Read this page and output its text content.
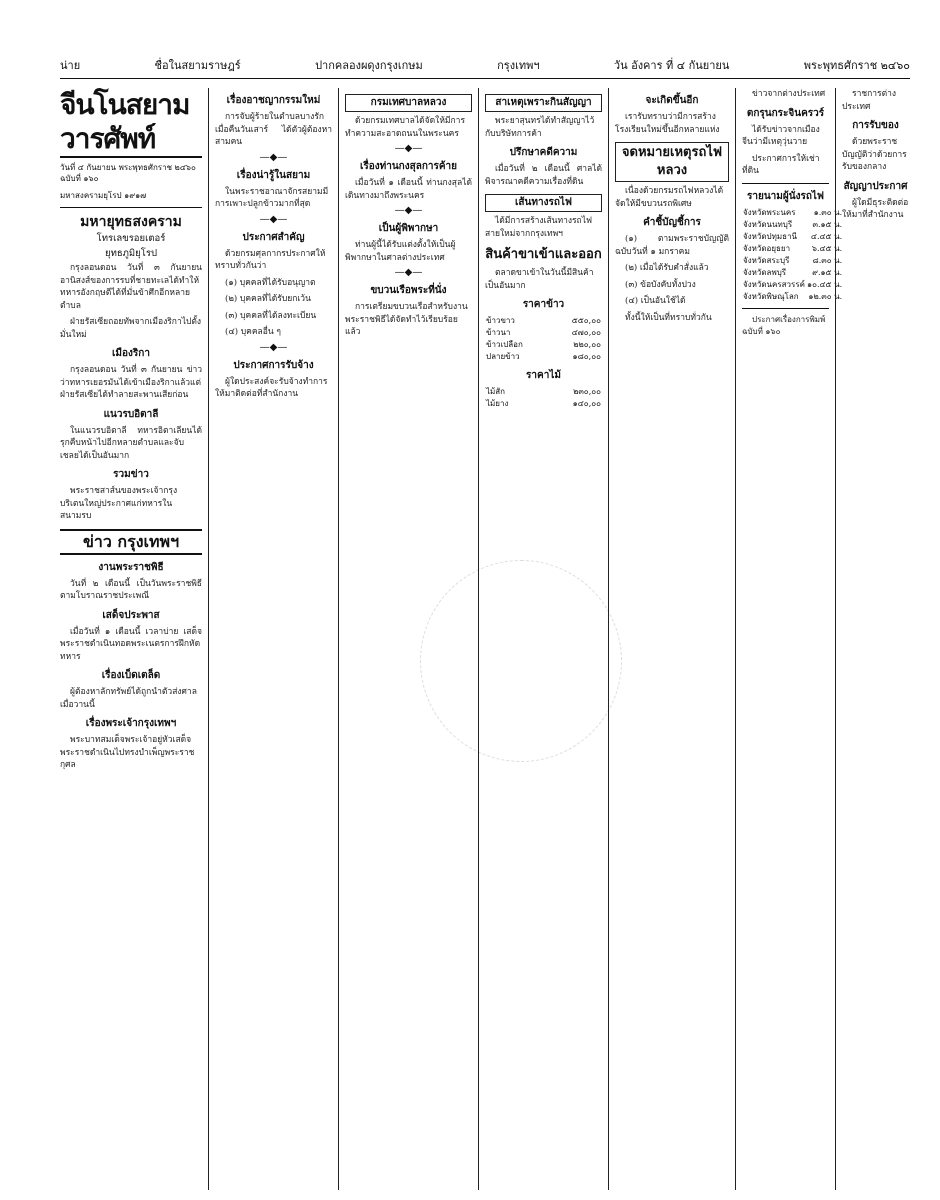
น่าย	ชื่อในสยามราษฎร์	ปากคลองผดุงกรุงเกษม	กรุงเทพฯ	วัน อังคาร ที่ ๔ กันยายน	พระพุทธศักราช ๒๔๖๐
จีนโนสยามวารศัพท์
วันที่ ๔ กันยายน พระพุทธศักราช ๒๔๖๐ ฉบับที่ ๑๖๐
มหาสงครามยุโรป ๑๙๑๗
มหายุทธสงคราม
โทรเลขรอยเตอร์
ยุทธภูมิยุโรป

กรุงลอนดอน วันที่ ๓ กันยายน อานิสงส์ของการรบที่ชายทะเลได้ทำให้ทหารอังกฤษตีได้ที่มั่นข้าศึกอีกหลายตำบล

ฝ่ายรัสเซียถอยทัพจากเมืองริกาไปตั้งมั่นใหม่

เมืองริกา

กรุงลอนดอน วันที่ ๓ กันยายน ข่าวว่าทหารเยอรมันได้เข้าเมืองริกาแล้วแต่ฝ่ายรัสเซียได้ทำลายสะพานเสียก่อน

แนวรบอิตาลี

ในแนวรบอิตาลี ทหารอิตาเลียนได้รุกคืบหน้าไปอีกหลายตำบลและจับเชลยได้เป็นอันมาก

รวมข่าว

พระราชสาส์นของพระเจ้ากรุงบริเตนใหญ่ประกาศแก่ทหารในสนามรบ

ข่าว กรุงเทพฯ
งานพระราชพิธี

วันที่ ๒ เดือนนี้ เป็นวันพระราชพิธีตามโบราณราชประเพณี

เสด็จประพาส

เมื่อวันที่ ๑ เดือนนี้ เวลาบ่าย เสด็จพระราชดำเนินทอดพระเนตรการฝึกหัดทหาร

เรื่องเบ็ดเตล็ด

ผู้ต้องหาลักทรัพย์ได้ถูกนำตัวส่งศาลเมื่อวานนี้

เรื่องพระเจ้ากรุงเทพฯ

พระบาทสมเด็จพระเจ้าอยู่หัวเสด็จพระราชดำเนินไปทรงบำเพ็ญพระราชกุศล

เรื่องอาชญากรรมใหม่

การจับผู้ร้ายในตำบลบางรักเมื่อคืนวันเสาร์ ได้ตัวผู้ต้องหาสามคน

—◆—
เรื่องน่ารู้ในสยาม

ในพระราชอาณาจักรสยามมีการเพาะปลูกข้าวมากที่สุด

—◆—
ประกาศสำคัญ

ด้วยกรมศุลกากรประกาศให้ทราบทั่วกันว่า

(๑) บุคคลที่ได้รับอนุญาต

(๒) บุคคลที่ได้รับยกเว้น

(๓) บุคคลที่ได้ลงทะเบียน

(๔) บุคคลอื่น ๆ

—◆—
ประกาศการรับจ้าง

ผู้ใดประสงค์จะรับจ้างทำการให้มาติดต่อที่สำนักงาน

กรมเทศบาลหลวง

ด้วยกรมเทศบาลได้จัดให้มีการทำความสะอาดถนนในพระนคร

—◆—
เรื่องท่านกงสุลการค้าย

เมื่อวันที่ ๑ เดือนนี้ ท่านกงสุลได้เดินทางมาถึงพระนคร

—◆—
เป็นผู้พิพากษา

ท่านผู้นี้ได้รับแต่งตั้งให้เป็นผู้พิพากษาในศาลต่างประเทศ

—◆—
ขบวนเรือพระที่นั่ง

การเตรียมขบวนเรือสำหรับงานพระราชพิธีได้จัดทำไว้เรียบร้อยแล้ว

สาเหตุเพราะกินสัญญา

พระยาสุนทรได้ทำสัญญาไว้กับบริษัทการค้า

ปรึกษาคดีความ

เมื่อวันที่ ๒ เดือนนี้ ศาลได้พิจารณาคดีความเรื่องที่ดิน

เส้นทางรถไฟ

ได้มีการสร้างเส้นทางรถไฟสายใหม่จากกรุงเทพฯ

สินค้าขาเข้าและออก

ตลาดขาเข้าในวันนี้มีสินค้าเป็นอันมาก

ราคาข้าว
ข้าวขาว	๕๕๐,๐๐
ข้าวนา	๔๗๐,๐๐
ข้าวเปลือก	๒๒๐,๐๐
ปลายข้าว	๑๘๐,๐๐
ราคาไม้
ไม้สัก	๒๓๐,๐๐
ไม้ยาง	๑๔๐,๐๐
จะเกิดขึ้นอีก

เรารับทราบว่ามีการสร้างโรงเรียนใหม่ขึ้นอีกหลายแห่ง

จดหมายเหตุรถไฟหลวง

เนื่องด้วยกรมรถไฟหลวงได้จัดให้มีขบวนรถพิเศษ

คำชี้บัญชี้การ

(๑) ตามพระราชบัญญัติ ฉบับวันที่ ๑ มกราคม

(๒) เมื่อได้รับคำสั่งแล้ว

(๓) ข้อบังคับทั้งปวง

(๔) เป็นอันใช้ได้

ทั้งนี้ให้เป็นที่ทราบทั่วกัน

ข่าวจากต่างประเทศ

ตกรุนกระจินครวร์

ได้รับข่าวจากเมืองจีนว่ามีเหตุวุ่นวาย

ประกาศการให้เช่าที่ดิน

รายนามผู้นั่งรถไฟ
จังหวัดพระนคร	๑.๓๐ น.
จังหวัดนนทบุรี	๓.๑๕ น.
จังหวัดปทุมธานี	๔.๔๕ น.
จังหวัดอยุธยา	๖.๔๕ น.
จังหวัดสระบุรี	๘.๓๐ น.
จังหวัดลพบุรี	๙.๑๕ น.
จังหวัดนครสวรรค์	๑๐.๔๕ น.
จังหวัดพิษณุโลก	๑๒.๓๐ น.

ประกาศเรื่องการพิมพ์ฉบับที่ ๑๖๐

ราชการต่างประเทศ

การรับของ

ด้วยพระราชบัญญัติว่าด้วยการรับของกลาง

สัญญาประกาศ

ผู้ใดมีธุระติดต่อให้มาที่สำนักงาน
